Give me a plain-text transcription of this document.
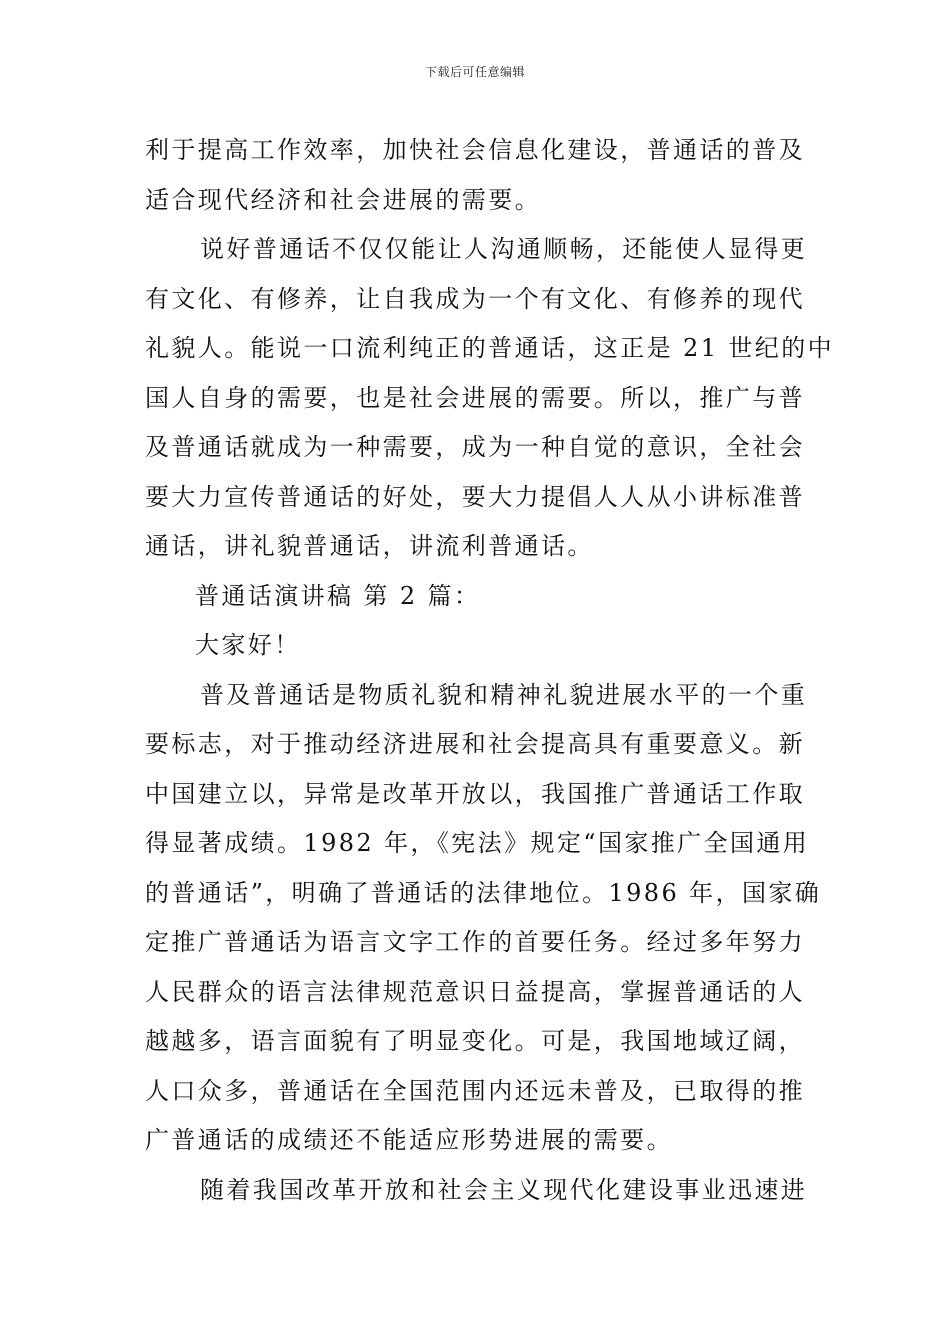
下载后可任意编辑
利于提高工作效率，加快社会信息化建设，普通话的普及
适合现代经济和社会进展的需要。
说好普通话不仅仅能让人沟通顺畅，还能使人显得更
有文化、有修养，让自我成为一个有文化、有修养的现代
礼貌人。能说一口流利纯正的普通话，这正是 21 世纪的中
国人自身的需要，也是社会进展的需要。所以，推广与普
及普通话就成为一种需要，成为一种自觉的意识，全社会
要大力宣传普通话的好处，要大力提倡人人从小讲标准普
通话，讲礼貌普通话，讲流利普通话。
普通话演讲稿 第 2 篇：
大家好！
普及普通话是物质礼貌和精神礼貌进展水平的一个重
要标志，对于推动经济进展和社会提高具有重要意义。新
中国建立以，异常是改革开放以，我国推广普通话工作取
得显著成绩。1982 年，《宪法》规定“国家推广全国通用
的普通话”，明确了普通话的法律地位。1986 年，国家确
定推广普通话为语言文字工作的首要任务。经过多年努力
人民群众的语言法律规范意识日益提高，掌握普通话的人
越越多，语言面貌有了明显变化。可是，我国地域辽阔，
人口众多，普通话在全国范围内还远未普及，已取得的推
广普通话的成绩还不能适应形势进展的需要。
随着我国改革开放和社会主义现代化建设事业迅速进
